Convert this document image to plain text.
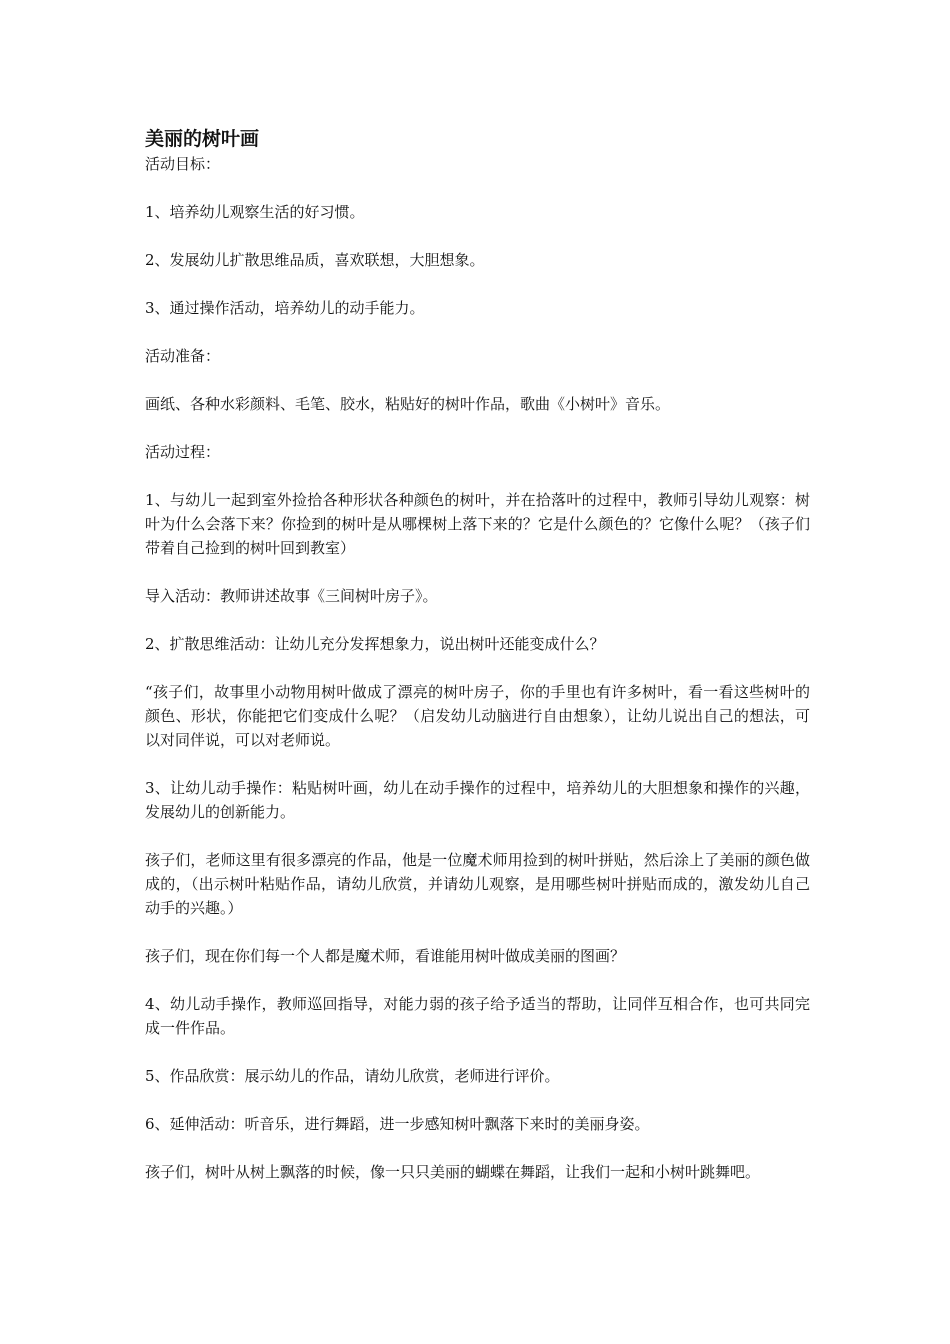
美丽的树叶画

活动目标：

1、培养幼儿观察生活的好习惯。

2、发展幼儿扩散思维品质，喜欢联想，大胆想象。

3、通过操作活动，培养幼儿的动手能力。

活动准备：

画纸、各种水彩颜料、毛笔、胶水，粘贴好的树叶作品，歌曲《小树叶》音乐。

活动过程：

1、与幼儿一起到室外捡拾各种形状各种颜色的树叶，并在拾落叶的过程中，教师引导幼儿观察：树叶为什么会落下来？你捡到的树叶是从哪棵树上落下来的？它是什么颜色的？它像什么呢？（孩子们带着自己捡到的树叶回到教室）

导入活动：教师讲述故事《三间树叶房子》。

2、扩散思维活动：让幼儿充分发挥想象力，说出树叶还能变成什么？

“孩子们，故事里小动物用树叶做成了漂亮的树叶房子，你的手里也有许多树叶，看一看这些树叶的颜色、形状，你能把它们变成什么呢？（启发幼儿动脑进行自由想象），让幼儿说出自己的想法，可以对同伴说，可以对老师说。

3、让幼儿动手操作：粘贴树叶画，幼儿在动手操作的过程中，培养幼儿的大胆想象和操作的兴趣，发展幼儿的创新能力。

孩子们，老师这里有很多漂亮的作品，他是一位魔术师用捡到的树叶拼贴，然后涂上了美丽的颜色做成的，（出示树叶粘贴作品，请幼儿欣赏，并请幼儿观察，是用哪些树叶拼贴而成的，激发幼儿自己动手的兴趣。）

孩子们，现在你们每一个人都是魔术师，看谁能用树叶做成美丽的图画？

4、幼儿动手操作，教师巡回指导，对能力弱的孩子给予适当的帮助，让同伴互相合作，也可共同完成一件作品。

5、作品欣赏：展示幼儿的作品，请幼儿欣赏，老师进行评价。

6、延伸活动：听音乐，进行舞蹈，进一步感知树叶飘落下来时的美丽身姿。

孩子们，树叶从树上飘落的时候，像一只只美丽的蝴蝶在舞蹈，让我们一起和小树叶跳舞吧。
